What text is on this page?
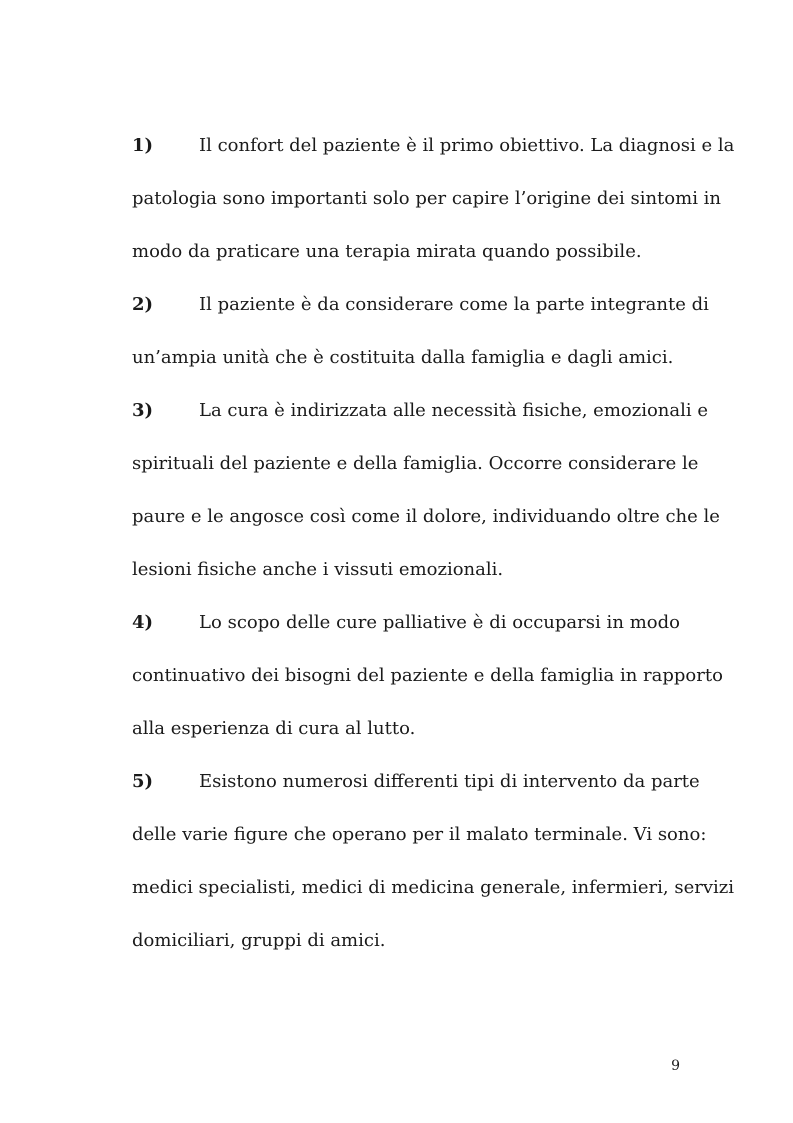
1)	Il confort del paziente è il primo obiettivo. La diagnosi e la

patologia sono importanti solo per capire l’origine dei sintomi in

modo da praticare una terapia mirata quando possibile.

2)	Il paziente è da considerare come la parte integrante di

un’ampia unità che è costituita dalla famiglia e dagli amici.

3)	La cura è indirizzata alle necessità fisiche, emozionali e

spirituali del paziente e della famiglia. Occorre considerare le

paure e le angosce così come il dolore, individuando oltre che le

lesioni fisiche anche i vissuti emozionali.

4)	Lo scopo delle cure palliative è di occuparsi in modo

continuativo dei bisogni del paziente e della famiglia in rapporto

alla esperienza di cura al lutto.

5)	Esistono numerosi differenti tipi di intervento da parte

delle varie figure che operano per il malato terminale. Vi sono:

medici specialisti, medici di medicina generale, infermieri, servizi

domiciliari, gruppi di amici.

9
